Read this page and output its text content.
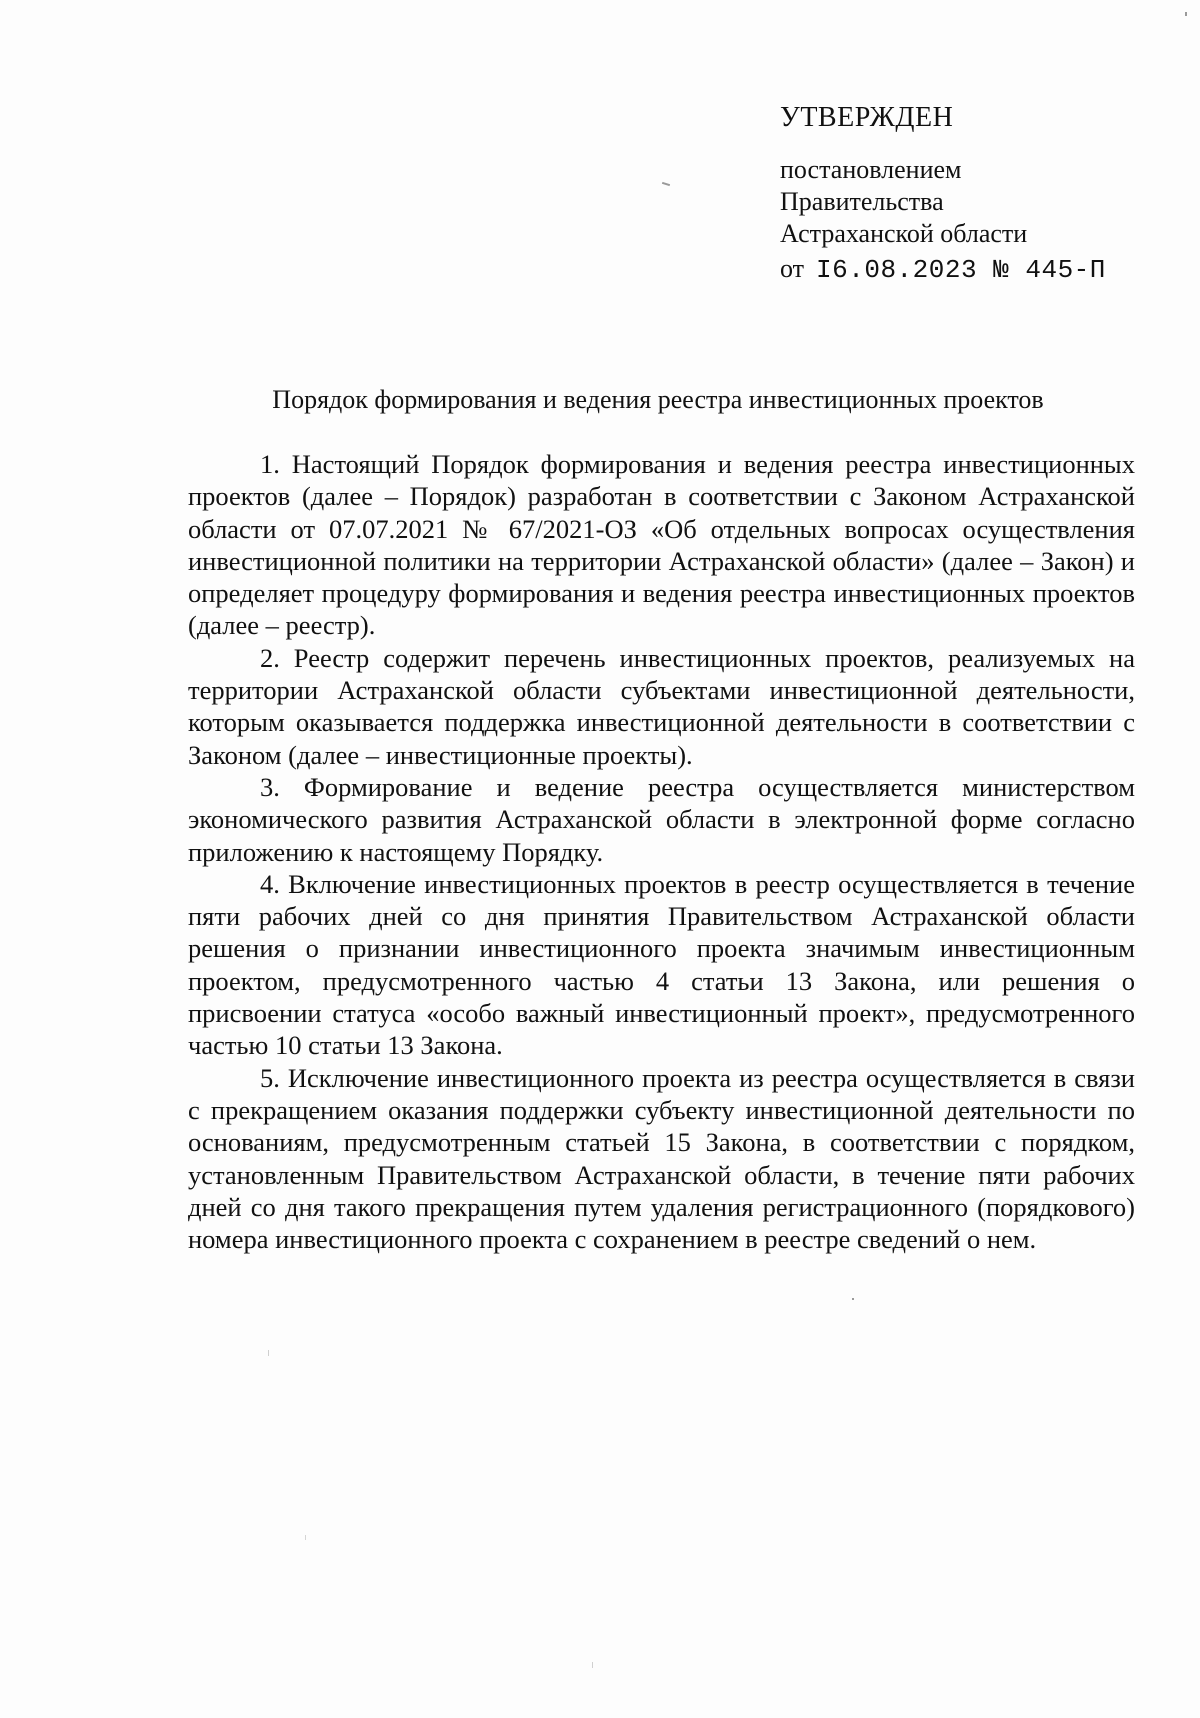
УТВЕРЖДЕН
постановлением
Правительства
Астраханской области
от I6.08.2023 № 445-П
Порядок формирования и ведения реестра инвестиционных проектов

1. Настоящий Порядок формирования и ведения реестра инвестиционных проектов (далее – Порядок) разработан в соответствии с Законом Астраханской области от 07.07.2021 № 67/2021-ОЗ «Об отдельных вопросах осуществления инвестиционной политики на территории Астраханской области» (далее – Закон) и определяет процедуру формирования и ведения реестра инвестиционных проектов (далее – реестр).

2. Реестр содержит перечень инвестиционных проектов, реализуемых на территории Астраханской области субъектами инвестиционной деятельности, которым оказывается поддержка инвестиционной деятельности в соответствии с Законом (далее – инвестиционные проекты).

3. Формирование и ведение реестра осуществляется министерством экономического развития Астраханской области в электронной форме согласно приложению к настоящему Порядку.

4. Включение инвестиционных проектов в реестр осуществляется в течение пяти рабочих дней со дня принятия Правительством Астраханской области решения о признании инвестиционного проекта значимым инвестиционным проектом, предусмотренного частью 4 статьи 13 Закона, или решения о присвоении статуса «особо важный инвестиционный проект», предусмотренного частью 10 статьи 13 Закона.

5. Исключение инвестиционного проекта из реестра осуществляется в связи с прекращением оказания поддержки субъекту инвестиционной деятельности по основаниям, предусмотренным статьей 15 Закона, в соответствии с порядком, установленным Правительством Астраханской области, в течение пяти рабочих дней со дня такого прекращения путем удаления регистрационного (порядкового) номера инвестиционного проекта с сохранением в реестре сведений о нем.
